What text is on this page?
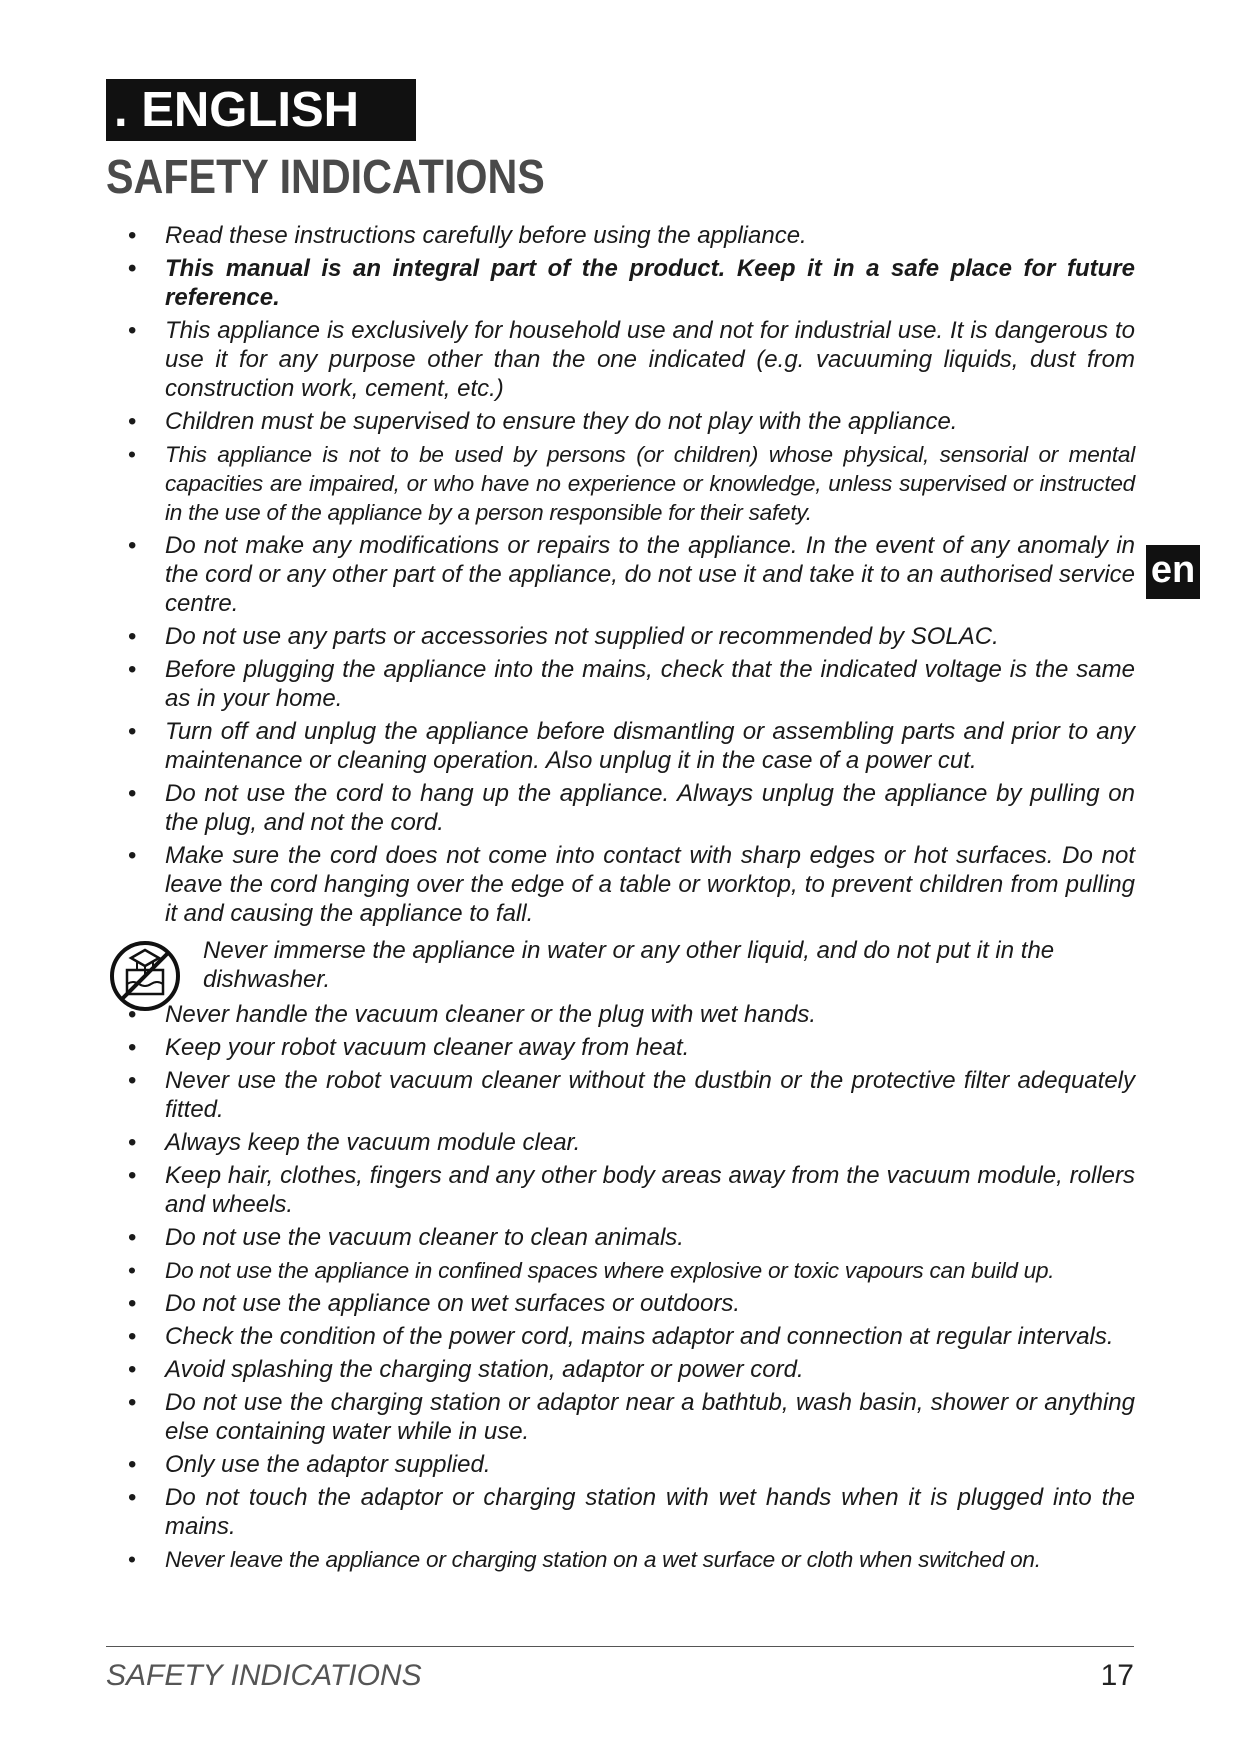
. ENGLISH
SAFETY INDICATIONS
en
• Read these instructions carefully before using the appliance.
• This manual is an integral part of the product. Keep it in a safe place for future reference.
• This appliance is exclusively for household use and not for industrial use. It is dangerous to use it for any purpose other than the one indicated (e.g. vacuuming liquids, dust from construction work, cement, etc.)
• Children must be supervised to ensure they do not play with the appliance.
• This appliance is not to be used by persons (or children) whose physical, sensorial or mental capacities are impaired, or who have no experience or knowledge, unless supervised or instructed in the use of the appliance by a person responsible for their safety.
• Do not make any modifications or repairs to the appliance. In the event of any anomaly in the cord or any other part of the appliance, do not use it and take it to an authorised service centre.
• Do not use any parts or accessories not supplied or recommended by SOLAC.
• Before plugging the appliance into the mains, check that the indicated voltage is the same as in your home.
• Turn off and unplug the appliance before dismantling or assembling parts and prior to any maintenance or cleaning operation. Also unplug it in the case of a power cut.
• Do not use the cord to hang up the appliance. Always unplug the appliance by pulling on the plug, and not the cord.
• Make sure the cord does not come into contact with sharp edges or hot surfaces. Do not leave the cord hanging over the edge of a table or worktop, to prevent children from pulling it and causing the appliance to fall.
Never immerse the appliance in water or any other liquid, and do not put it in the dishwasher.
• Never handle the vacuum cleaner or the plug with wet hands.
• Keep your robot vacuum cleaner away from heat.
• Never use the robot vacuum cleaner without the dustbin or the protective filter adequately fitted.
• Always keep the vacuum module clear.
• Keep hair, clothes, fingers and any other body areas away from the vacuum module, rollers and wheels.
• Do not use the vacuum cleaner to clean animals.
• Do not use the appliance in confined spaces where explosive or toxic vapours can build up.
• Do not use the appliance on wet surfaces or outdoors.
• Check the condition of the power cord, mains adaptor and connection at regular intervals.
• Avoid splashing the charging station, adaptor or power cord.
• Do not use the charging station or adaptor near a bathtub, wash basin, shower or anything else containing water while in use.
• Only use the adaptor supplied.
• Do not touch the adaptor or charging station with wet hands when it is plugged into the mains.
• Never leave the appliance or charging station on a wet surface or cloth when switched on.
SAFETY INDICATIONS	17
